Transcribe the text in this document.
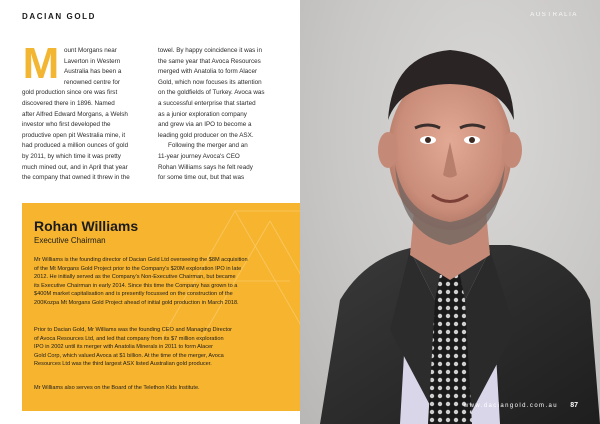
DACIAN GOLD
M ount Morgans near
Laverton in Western
Australia has been a
renowned centre for
gold production since ore was first
discovered there in 1896. Named
after Alfred Edward Morgans, a Welsh
investor who first developed the
productive open pit Westralia mine, it
had produced a million ounces of gold
by 2011, by which time it was pretty
much mined out, and in April that year
the company that owned it threw in the
towel. By happy coincidence it was in
the same year that Avoca Resources
merged with Anatolia to form Alacer
Gold, which now focuses its attention
on the goldfields of Turkey. Avoca was
a successful enterprise that started
as a junior exploration company
and grew via an IPO to become a
leading gold producer on the ASX.
Following the merger and an
11-year journey Avoca's CEO
Rohan Williams says he felt ready
for some time out, but that was
Rohan Williams
Executive Chairman
Mr Williams is the founding director of Dacian Gold Ltd overseeing the $8M acquisition
of the Mt Morgans Gold Project prior to the Company's $20M exploration IPO in late
2012. He initially served as the Company's Non-Executive Chairman, but became
its Executive Chairman in early 2014. Since this time the Company has grown to a
$400M market capitalisation and is presently focussed on the construction of the
200Kozpa Mt Morgans Gold Project ahead of initial gold production in March 2018.
Prior to Dacian Gold, Mr Williams was the founding CEO and Managing Director
of Avoca Resources Ltd, and led that company from its $7 million exploration
IPO in 2002 until its merger with Anatolia Minerals in 2011 to form Alacer
Gold Corp, which valued Avoca at $1 billion. At the time of the merger, Avoca
Resources Ltd was the third largest ASX listed Australian gold producer.
Mr Williams also serves on the Board of the Telethon Kids Institute.
AUSTRALIA
www.daciangold.com.au 87
